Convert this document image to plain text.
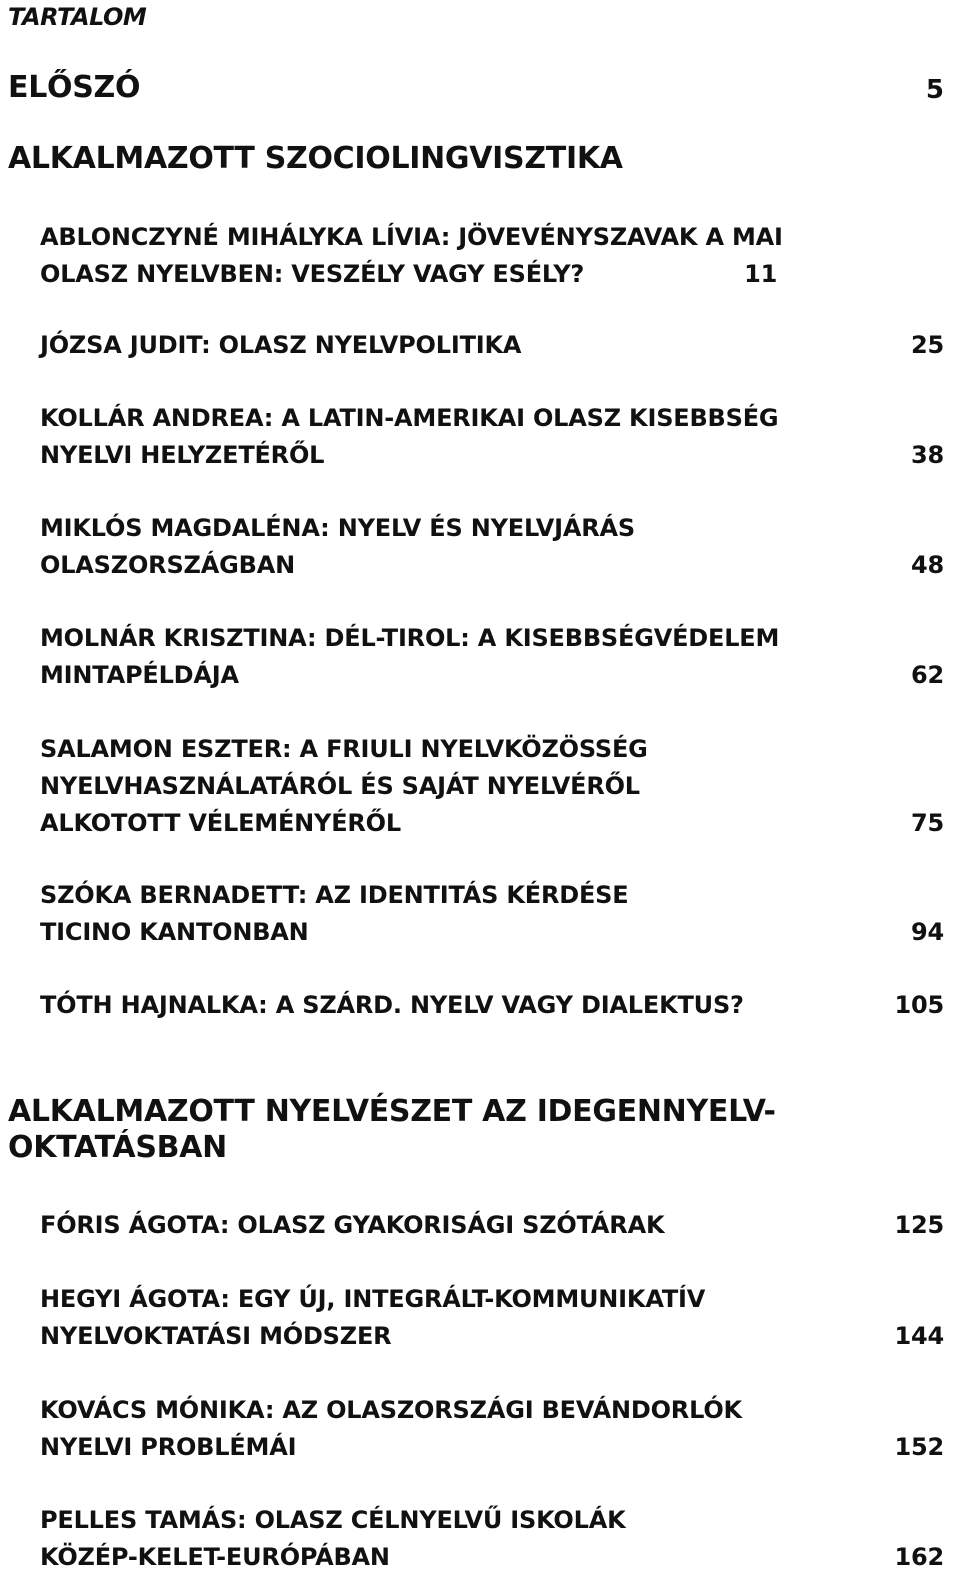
TARTALOM
ELŐSZÓ	5
ALKALMAZOTT SZOCIOLINGVISZTIKA
ABLONCZYNÉ MIHÁLYKA LÍVIA: JÖVEVÉNYSZAVAK A MAI
OLASZ NYELVBEN: VESZÉLY VAGY ESÉLY?	11
JÓZSA JUDIT: OLASZ NYELVPOLITIKA	25
KOLLÁR ANDREA: A LATIN-AMERIKAI OLASZ KISEBBSÉG
NYELVI HELYZETÉRŐL	38
MIKLÓS MAGDALÉNA: NYELV ÉS NYELVJÁRÁS
OLASZORSZÁGBAN	48
MOLNÁR KRISZTINA: DÉL-TIROL: A KISEBBSÉGVÉDELEM
MINTAPÉLDÁJA	62
SALAMON ESZTER: A FRIULI NYELVKÖZÖSSÉG
NYELVHASZNÁLATÁRÓL ÉS SAJÁT NYELVÉRŐL
ALKOTOTT VÉLEMÉNYÉRŐL	75
SZÓKA BERNADETT: AZ IDENTITÁS KÉRDÉSE
TICINO KANTONBAN	94
TÓTH HAJNALKA: A SZÁRD. NYELV VAGY DIALEKTUS?	105
ALKALMAZOTT NYELVÉSZET AZ IDEGENNYELV-
OKTATÁSBAN
FÓRIS ÁGOTA: OLASZ GYAKORISÁGI SZÓTÁRAK	125
HEGYI ÁGOTA: EGY ÚJ, INTEGRÁLT-KOMMUNIKATÍV
NYELVOKTATÁSI MÓDSZER	144
KOVÁCS MÓNIKA: AZ OLASZORSZÁGI BEVÁNDORLÓK
NYELVI PROBLÉMÁI	152
PELLES TAMÁS: OLASZ CÉLNYELVŰ ISKOLÁK
KÖZÉP-KELET-EURÓPÁBAN	162
